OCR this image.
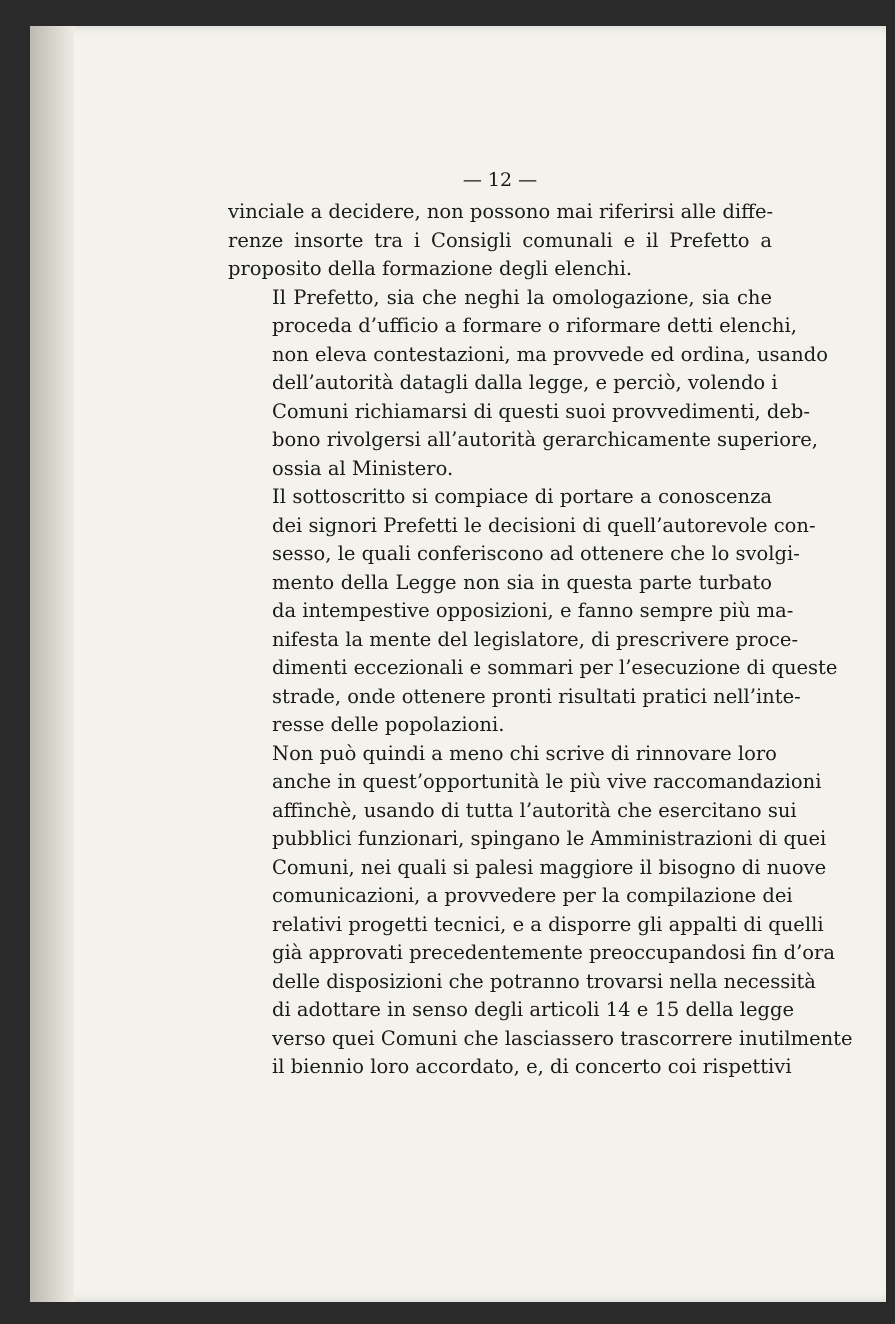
— 12 —

vinciale a decidere, non possono mai riferirsi alle diffe-
renze insorte tra i Consigli comunali e il Prefetto a
proposito della formazione degli elenchi.

Il Prefetto, sia che neghi la omologazione, sia che
proceda d’ufficio a formare o riformare detti elenchi,
non eleva contestazioni, ma provvede ed ordina, usando
dell’autorità datagli dalla legge, e perciò, volendo i
Comuni richiamarsi di questi suoi provvedimenti, deb-
bono rivolgersi all’autorità gerarchicamente superiore,
ossia al Ministero.

Il sottoscritto si compiace di portare a conoscenza
dei signori Prefetti le decisioni di quell’autorevole con-
sesso, le quali conferiscono ad ottenere che lo svolgi-
mento della Legge non sia in questa parte turbato
da intempestive opposizioni, e fanno sempre più ma-
nifesta la mente del legislatore, di prescrivere proce-
dimenti eccezionali e sommari per l’esecuzione di queste
strade, onde ottenere pronti risultati pratici nell’inte-
resse delle popolazioni.

Non può quindi a meno chi scrive di rinnovare loro
anche in quest’opportunità le più vive raccomandazioni
affinchè, usando di tutta l’autorità che esercitano sui
pubblici funzionari, spingano le Amministrazioni di quei
Comuni, nei quali si palesi maggiore il bisogno di nuove
comunicazioni, a provvedere per la compilazione dei
relativi progetti tecnici, e a disporre gli appalti di quelli
già approvati precedentemente preoccupandosi fin d’ora
delle disposizioni che potranno trovarsi nella necessità
di adottare in senso degli articoli 14 e 15 della legge
verso quei Comuni che lasciassero trascorrere inutilmente
il biennio loro accordato, e, di concerto coi rispettivi
